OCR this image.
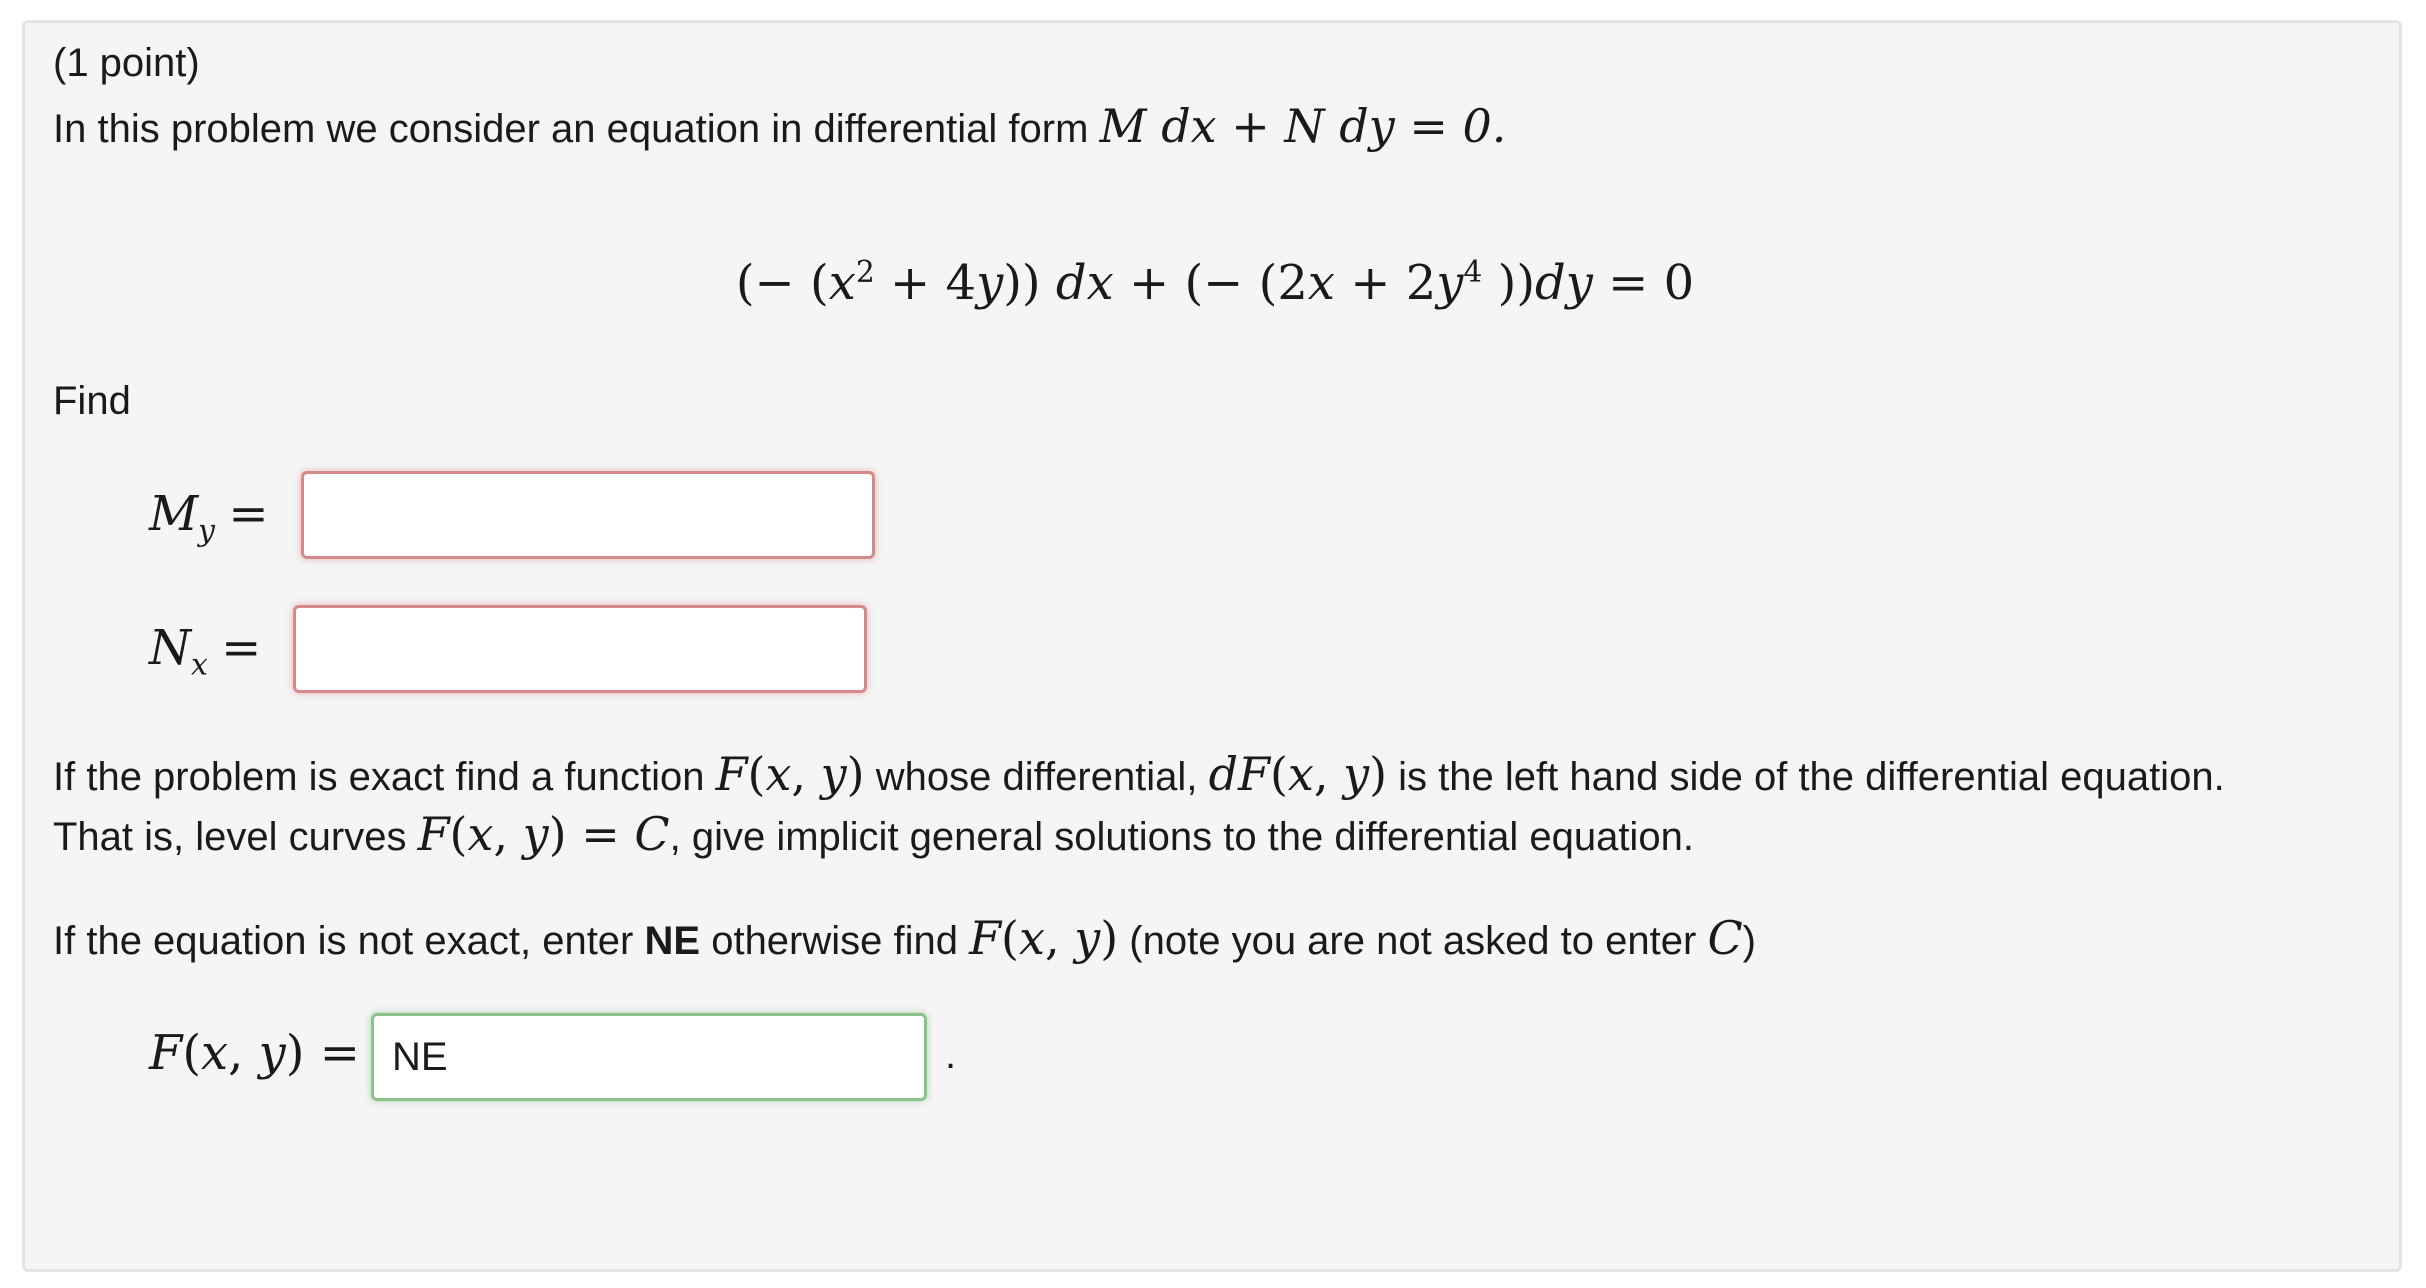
(1 point)
In this problem we consider an equation in differential form M dx + N dy = 0.
(− $(x^2 + 4y)$) dx + (− ($2x + 2y^4$ ))dy = 0
Find
$M_y$ =
$N_x$ =
If the problem is exact find a function F(x, y) whose differential, dF(x, y) is the left hand side of the differential equation.
That is, level curves F(x, y) = C, give implicit general solutions to the differential equation.
If the equation is not exact, enter NE otherwise find F(x, y) (note you are not asked to enter C)
F(x, y) =
NE	.
